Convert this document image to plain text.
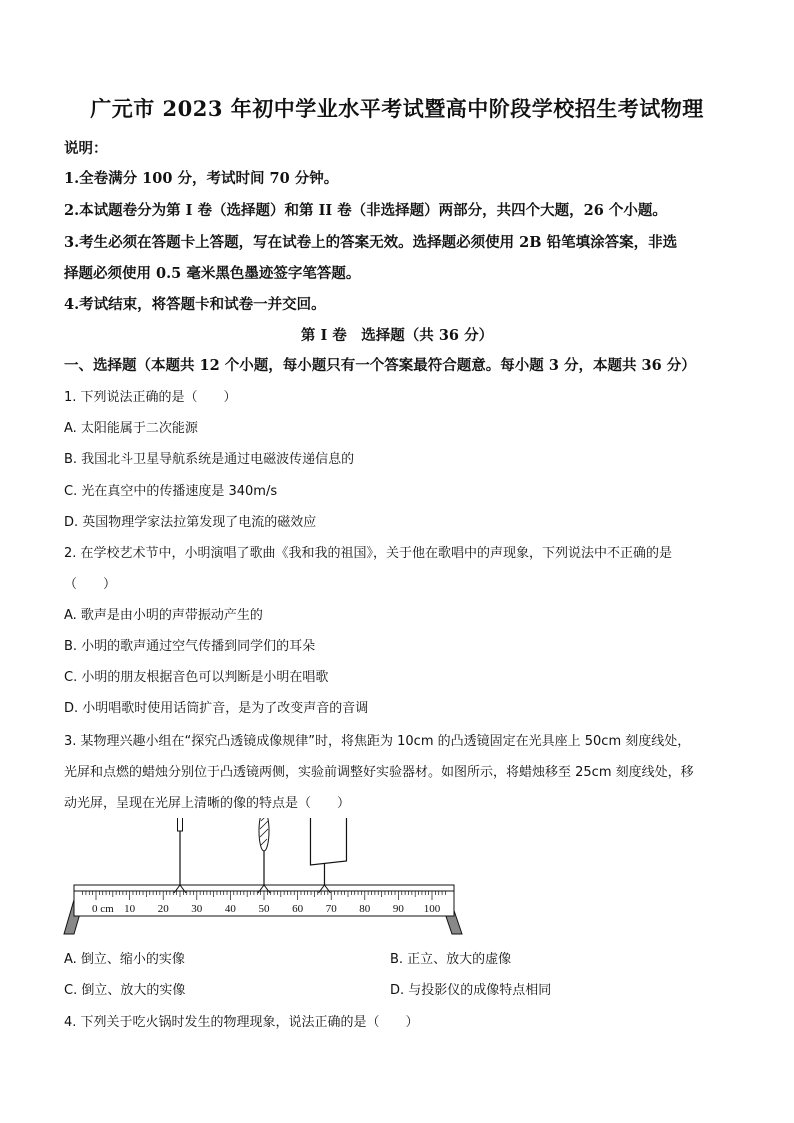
广元市 2023 年初中学业水平考试暨高中阶段学校招生考试物理
说明：
1.全卷满分 100 分，考试时间 70 分钟。
2.本试题卷分为第 I 卷（选择题）和第 II 卷（非选择题）两部分，共四个大题，26 个小题。
3.考生必须在答题卡上答题，写在试卷上的答案无效。选择题必须使用 2B 铅笔填涂答案，非选
择题必须使用 0.5 毫米黑色墨迹签字笔答题。
4.考试结束，将答题卡和试卷一并交回。
第 I 卷　选择题（共 36 分）
一、选择题（本题共 12 个小题，每小题只有一个答案最符合题意。每小题 3 分，本题共 36 分）
1. 下列说法正确的是（　　）
A. 太阳能属于二次能源
B. 我国北斗卫星导航系统是通过电磁波传递信息的
C. 光在真空中的传播速度是 340m/s
D. 英国物理学家法拉第发现了电流的磁效应
2. 在学校艺术节中，小明演唱了歌曲《我和我的祖国》，关于他在歌唱中的声现象，下列说法中不正确的是
（　　）
A. 歌声是由小明的声带振动产生的
B. 小明的歌声通过空气传播到同学们的耳朵
C. 小明的朋友根据音色可以判断是小明在唱歌
D. 小明唱歌时使用话筒扩音，是为了改变声音的音调
3. 某物理兴趣小组在“探究凸透镜成像规律”时，将焦距为 10cm 的凸透镜固定在光具座上 50cm 刻度线处，
光屏和点燃的蜡烛分别位于凸透镜两侧，实验前调整好实验器材。如图所示，将蜡烛移至 25cm 刻度线处，移
动光屏，呈现在光屏上清晰的像的特点是（　　）
0 cm 10 20 30 40 50 60 70 80 90 100
A. 倒立、缩小的实像	B. 正立、放大的虚像
C. 倒立、放大的实像	D. 与投影仪的成像特点相同
4. 下列关于吃火锅时发生的物理现象，说法正确的是（　　）
